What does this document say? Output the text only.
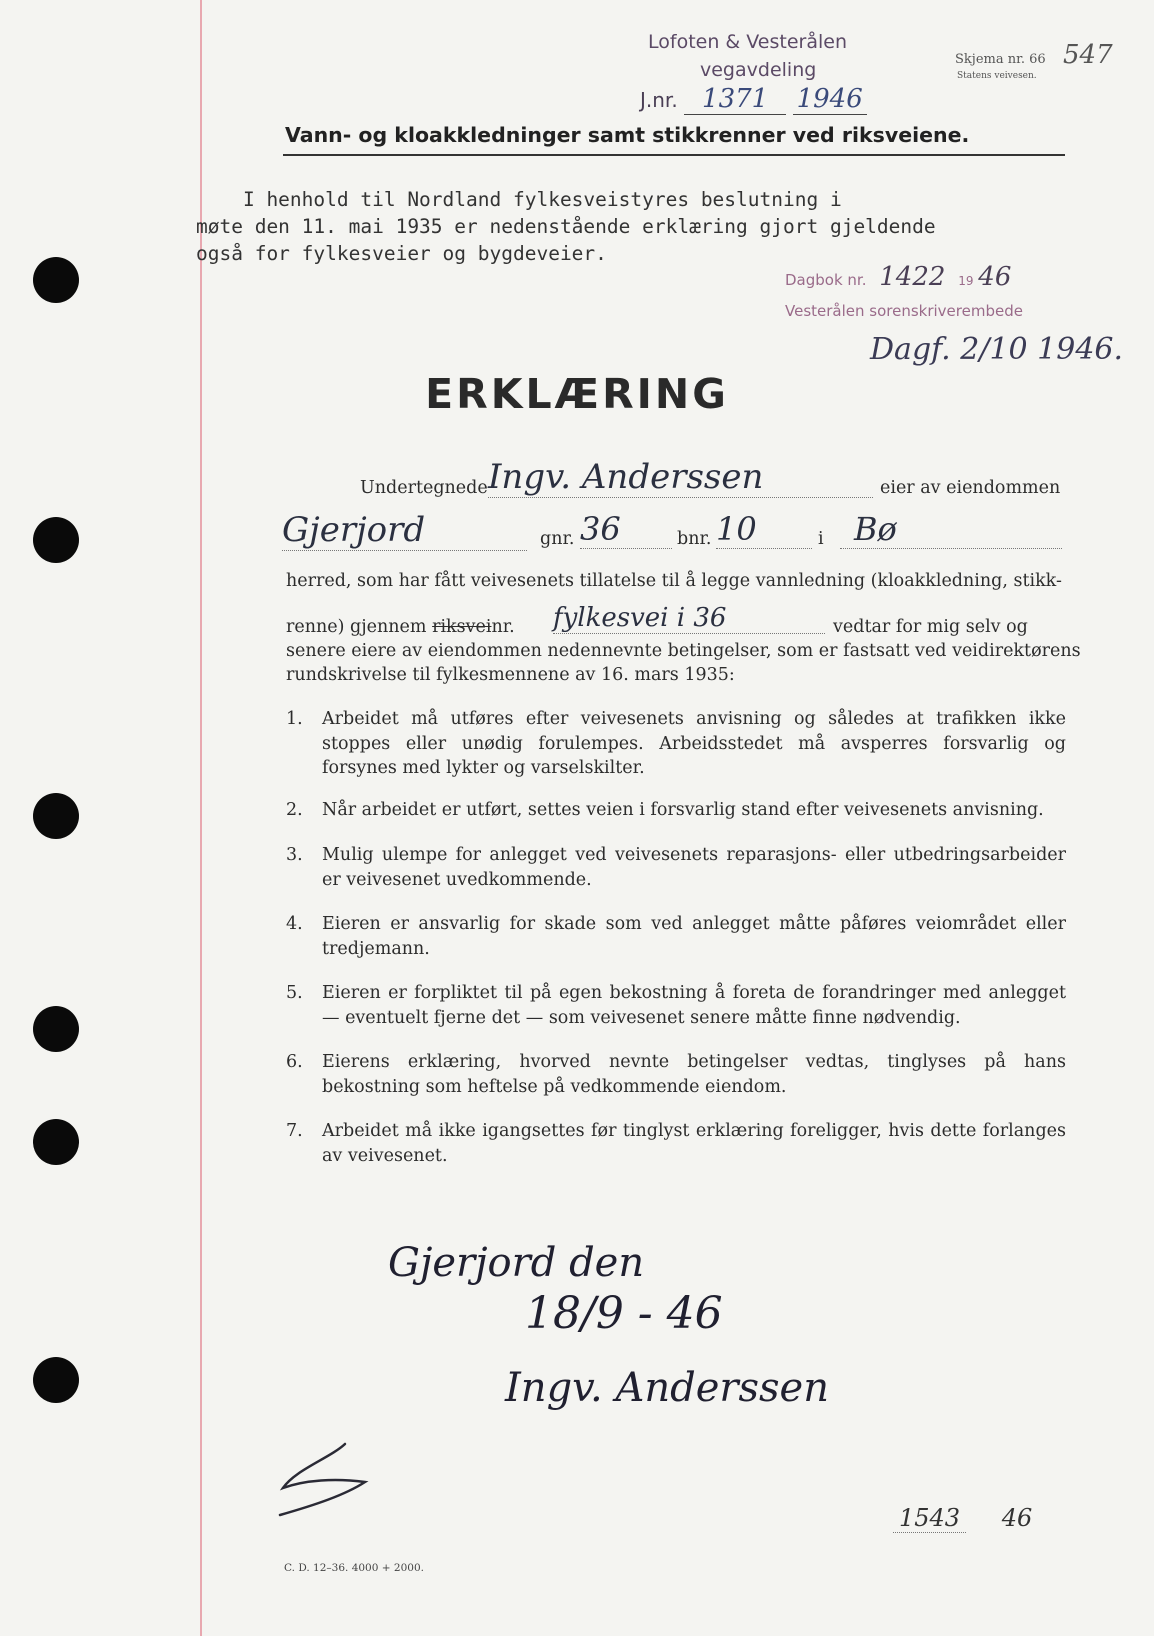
Lofoten & Vesterålen
vegavdeling
J.nr. 1371 1946
Skjema nr. 66
Statens veivesen.
547
Vann- og kloakkledninger samt stikkrenner ved riksveiene.
I henhold til Nordland fylkesveistyres beslutning i
møte den 11. mai 1935 er nedenstående erklæring gjort gjeldende
også for fylkesveier og bygdeveier.
Dagbok nr. 1422 19 46
Vesterålen sorenskriverembede
Dagf. 2/10 1946.
ERKLÆRING
Undertegnede Ingv. Anderssen	eier av eiendommen
Gjerjord	gnr. 36	bnr. 10	i Bø
herred, som har fått veivesenets tillatelse til å legge vannledning (kloakkledning, stikk-
renne) gjennem riksveinr. fylkesvei i 36	vedtar for mig selv og
senere eiere av eiendommen nedennevnte betingelser, som er fastsatt ved veidirektørens
rundskrivelse til fylkesmennene av 16. mars 1935:
1. Arbeidet må utføres efter veivesenets anvisning og således at trafikken ikke stoppes eller unødig forulempes. Arbeidsstedet må avsperres forsvarlig og forsynes med lykter og varselskilter.
2. Når arbeidet er utført, settes veien i forsvarlig stand efter veivesenets anvisning.
3. Mulig ulempe for anlegget ved veivesenets reparasjons- eller utbedringsarbeider er veivesenet uvedkommende.
4. Eieren er ansvarlig for skade som ved anlegget måtte påføres veiområdet eller tredjemann.
5. Eieren er forpliktet til på egen bekostning å foreta de forandringer med anlegget — eventuelt fjerne det — som veivesenet senere måtte finne nødvendig.
6. Eierens erklæring, hvorved nevnte betingelser vedtas, tinglyses på hans bekostning som heftelse på vedkommende eiendom.
7. Arbeidet må ikke igangsettes før tinglyst erklæring foreligger, hvis dette forlanges av veivesenet.
Gjerjord den
18/9 - 46
Ingv. Anderssen
1543 46
C. D. 12–36. 4000 + 2000.
